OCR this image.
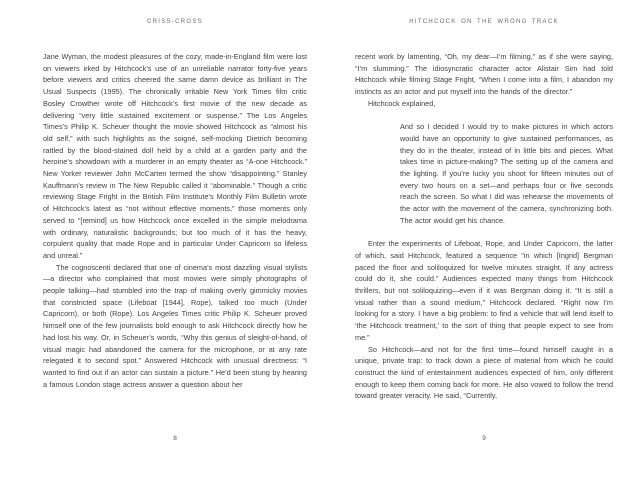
CRISS-CROSS

Jane Wyman, the modest pleasures of the cozy, made-in-England film were lost on viewers irked by Hitchcock’s use of an unreliable narrator forty-five years before viewers and critics cheered the same damn device as brilliant in The Usual Suspects (1995). The chronically irritable New York Times film critic Bosley Crowther wrote off Hitchcock’s first movie of the new decade as delivering “very little sustained excitement or suspense.” The Los Angeles Times’s Philip K. Scheuer thought the movie showed Hitchcock as “almost his old self,” with such highlights as the soigné, self-mocking Dietrich becoming rattled by the blood-stained doll held by a child at a garden party and the heroine’s showdown with a murderer in an empty theater as “A-one Hitchcock.” New Yorker reviewer John McCarten termed the show “disappointing.” Stanley Kauffmann’s review in The New Republic called it “abominable.” Though a critic reviewing Stage Fright in the British Film Institute’s Monthly Film Bulletin wrote of Hitchcock’s latest as “not without effective moments,” those moments only served to “[remind] us how Hitchcock once excelled in the simple melodrama with ordinary, naturalistic backgrounds; but too much of it has the heavy, corpulent quality that made Rope and in particular Under Capricorn so lifeless and unreal.”

The cognoscenti declared that one of cinema’s most dazzling visual stylists—a director who complained that most movies were simply photographs of people talking—had stumbled into the trap of making overly gimmicky movies that constricted space (Lifeboat [1944], Rope), talked too much (Under Capricorn), or both (Rope). Los Angeles Times critic Philip K. Scheuer proved himself one of the few journalists bold enough to ask Hitchcock directly how he had lost his way. Or, in Scheuer’s words, “Why this genius of sleight-of-hand, of visual magic had abandoned the camera for the microphone, or at any rate relegated it to second spot.” Answered Hitchcock with unusual directness: “I wanted to find out if an actor can sustain a picture.” He’d been stung by hearing a famous London stage actress answer a question about her

8
HITCHCOCK ON THE WRONG TRACK

recent work by lamenting, “Oh, my dear—I’m filming,” as if she were saying, “I’m slumming.” The idiosyncratic character actor Alistair Sim had told Hitchcock while filming Stage Fright, “When I come into a film, I abandon my instincts as an actor and put myself into the hands of the director.”

Hitchcock explained,

And so I decided I would try to make pictures in which actors would have an opportunity to give sustained performances, as they do in the theater, instead of in little bits and pieces. What takes time in picture-making? The setting up of the camera and the lighting. If you’re lucky you shoot for fifteen minutes out of every two hours on a set—and perhaps four or five seconds reach the screen. So what I did was rehearse the movements of the actor with the movement of the camera, synchronizing both. The actor would get his chance.

Enter the experiments of Lifeboat, Rope, and Under Capricorn, the latter of which, said Hitchcock, featured a sequence “in which [Ingrid] Bergman paced the floor and soliloquized for twelve minutes straight. If any actress could do it, she could.” Audiences expected many things from Hitchcock thrillers, but not soliloquizing—even if it was Bergman doing it. “It is still a visual rather than a sound medium,” Hitchcock declared. “Right now I’m looking for a story. I have a big problem: to find a vehicle that will lend itself to ‘the Hitchcock treatment,’ to the sort of thing that people expect to see from me.”

So Hitchcock—and not for the first time—found himself caught in a unique, private trap: to track down a piece of material from which he could construct the kind of entertainment audiences expected of him, only different enough to keep them coming back for more. He also vowed to follow the trend toward greater veracity. He said, “Currently,

9
